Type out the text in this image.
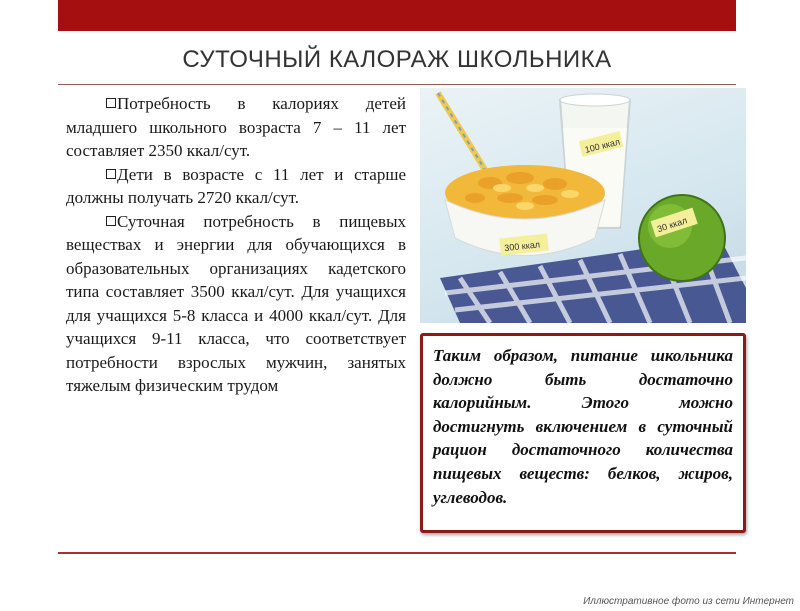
СУТОЧНЫЙ КАЛОРАЖ ШКОЛЬНИКА

Потребность в калориях детей младшего школьного возраста 7 – 11 лет составляет 2350 ккал/сут.

Дети в возрасте с 11 лет и старше должны получать 2720 ккал/сут.

Суточная потребность в пищевых веществах и энергии для обучающихся в образовательных организациях кадетского типа составляет 3500 ккал/сут. Для учащихся для учащихся 5-8 класса и 4000 ккал/сут. Для учащихся 9-11 класса, что соответствует потребности взрослых мужчин, занятых тяжелым физическим трудом

100 ккал
300 ккал
30 ккал

Таким образом, питание школьника должно быть достаточно калорийным. Этого можно достигнуть включением в суточный рацион достаточного количества пищевых веществ: белков, жиров, углеводов.

Иллюстративное фото из сети Интернет
